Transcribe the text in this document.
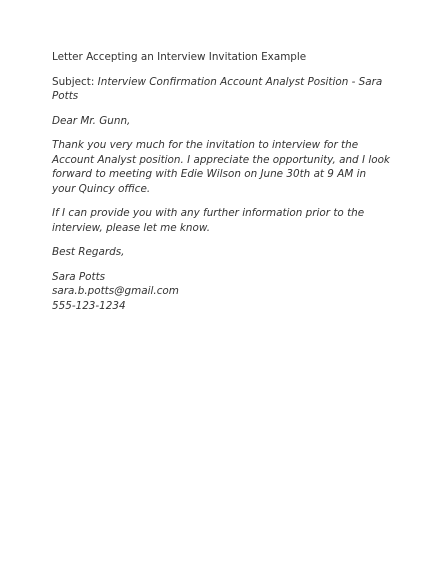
Letter Accepting an Interview Invitation Example

Subject: Interview Confirmation Account Analyst Position - Sara Potts

Dear Mr. Gunn,

Thank you very much for the invitation to interview for the Account Analyst position. I appreciate the opportunity, and I look forward to meeting with Edie Wilson on June 30th at 9 AM in your Quincy office.

If I can provide you with any further information prior to the interview, please let me know.

Best Regards,

Sara Potts
sara.b.potts@gmail.com
555-123-1234
